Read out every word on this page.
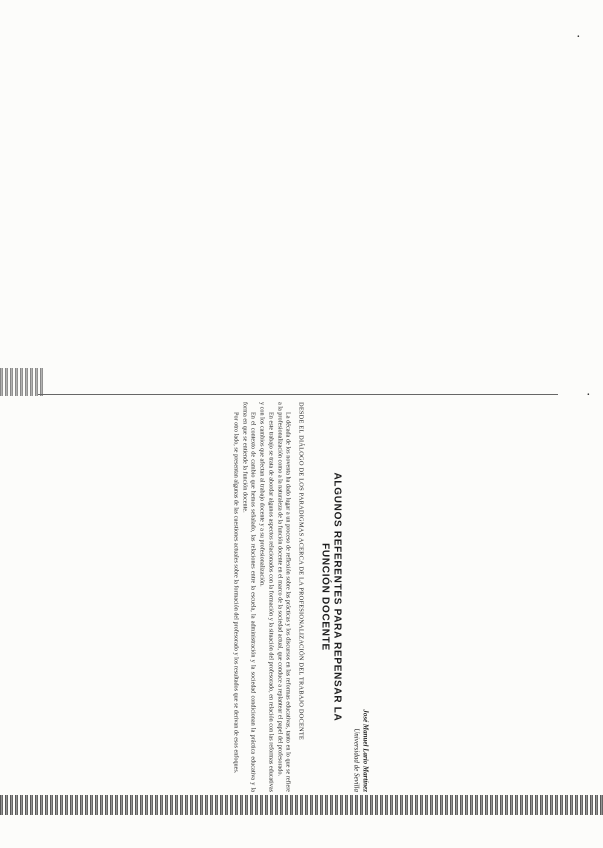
·
·
José Manuel Lario Martínez
Universidad de Sevilla
ALGUNOS REFERENTES PARA REPENSAR LA
FUNCIÓN DOCENTE
DESDE EL DIÁLOGO DE LOS PARADIGMAS ACERCA DE LA PROFESIONALIZACIÓN DEL TRABAJO DOCENTE

La década de los noventa ha dado lugar a un proceso de reflexión sobre las prácticas y los discursos en las reformas educativas, tanto en lo que se refiere a la profesionalización como a la naturaleza de la función docente en el marco de la sociedad actual, que conduce a replantear el papel del profesorado.

En este trabajo se trata de abordar algunos aspectos relacionados con la formación y la situación del profesorado, en relación con las reformas educativas y con los cambios que afectan al trabajo docente y a su profesionalización.

En el contexto de cambio que hemos señalado, las relaciones entre la escuela, la administración y la sociedad condicionan la práctica educativa y la forma en que se entiende la función docente.

Por otro lado, se presentan algunas de las cuestiones actuales sobre la formación del profesorado y los resultados que se derivan de esos enfoques.
